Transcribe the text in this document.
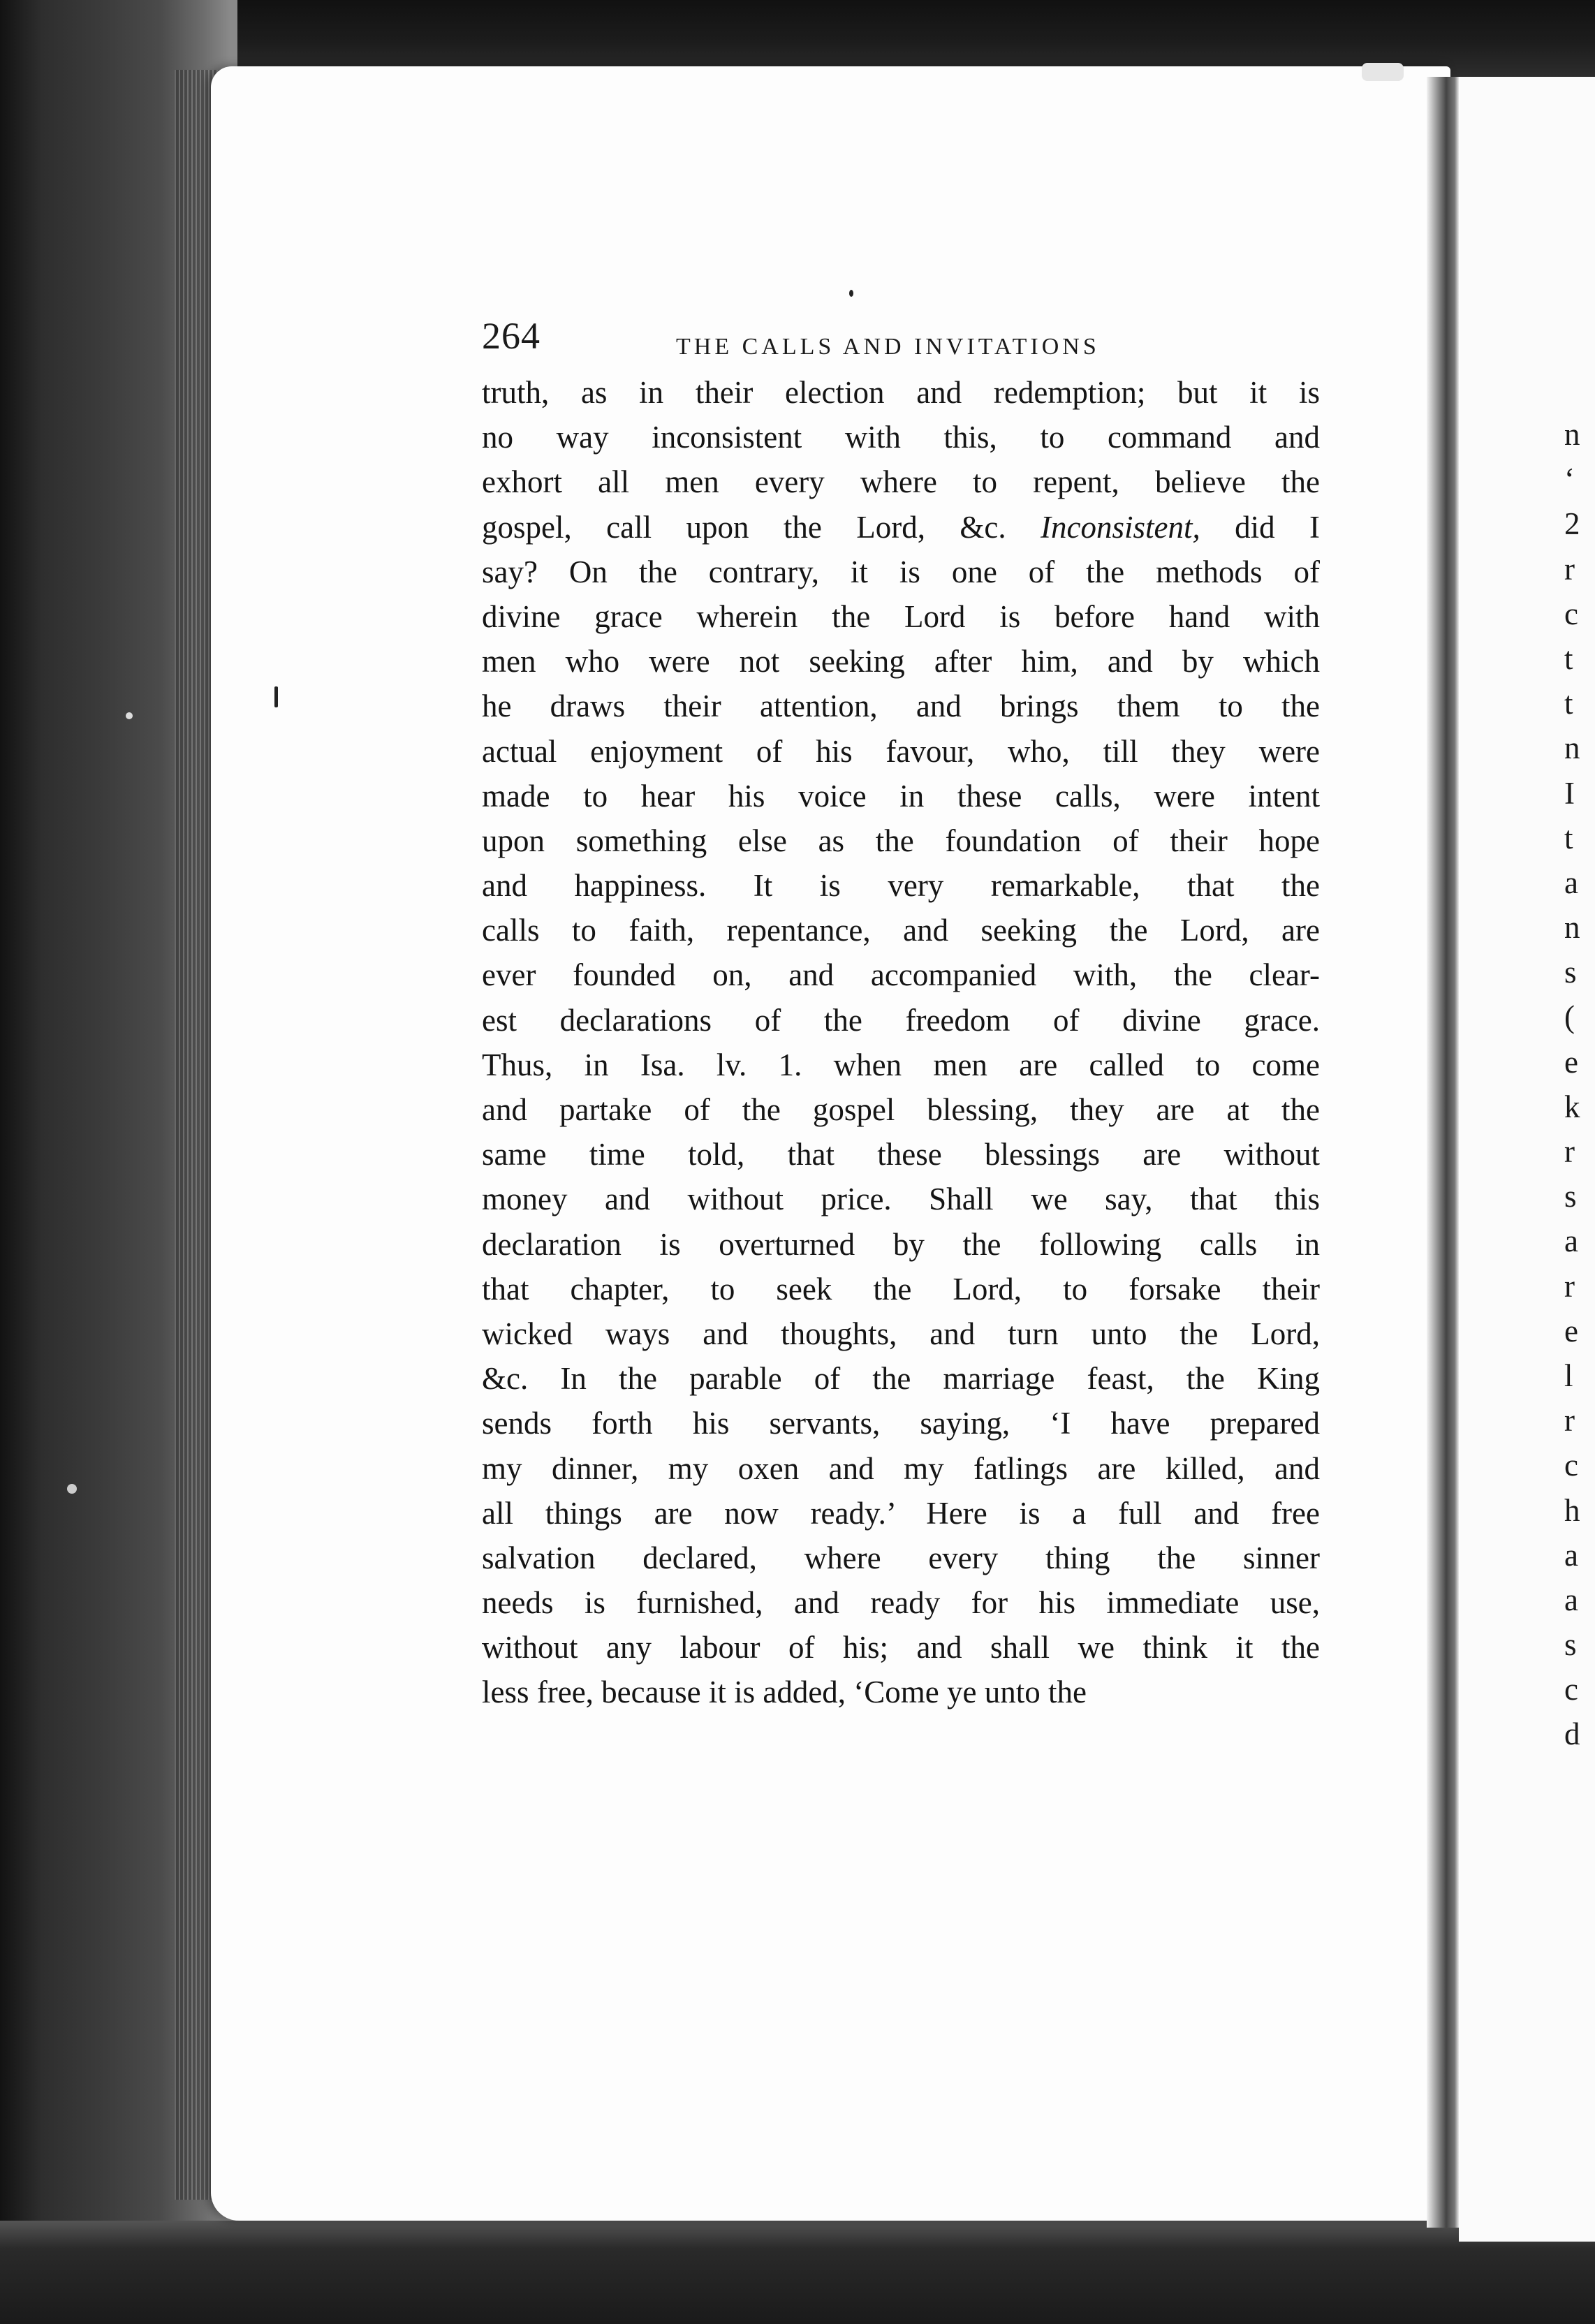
264	THE CALLS AND INVITATIONS
truth, as in their election and redemption; but it is
no way inconsistent with this, to command and
exhort all men every where to repent, believe the
gospel, call upon the Lord, &c. Inconsistent, did I
say? On the contrary, it is one of the methods of
divine grace wherein the Lord is before hand with
men who were not seeking after him, and by which
he draws their attention, and brings them to the
actual enjoyment of his favour, who, till they were
made to hear his voice in these calls, were intent
upon something else as the foundation of their hope
and happiness. It is very remarkable, that the
calls to faith, repentance, and seeking the Lord, are
ever founded on, and accompanied with, the clear-
est declarations of the freedom of divine grace.
Thus, in Isa. lv. 1. when men are called to come
and partake of the gospel blessing, they are at the
same time told, that these blessings are without
money and without price. Shall we say, that this
declaration is overturned by the following calls in
that chapter, to seek the Lord, to forsake their
wicked ways and thoughts, and turn unto the Lord,
&c. In the parable of the marriage feast, the King
sends forth his servants, saying, ‘I have prepared
my dinner, my oxen and my fatlings are killed, and
all things are now ready.’ Here is a full and free
salvation declared, where every thing the sinner
needs is furnished, and ready for his immediate use,
without any labour of his; and shall we think it the
less free, because it is added, ‘Come ye unto the
n
‘
2
r
c
t
t
n
I
t
a
n
s
(
e
k
r
s
a
r
e
l
r
c
h
a
a
s
c
d
